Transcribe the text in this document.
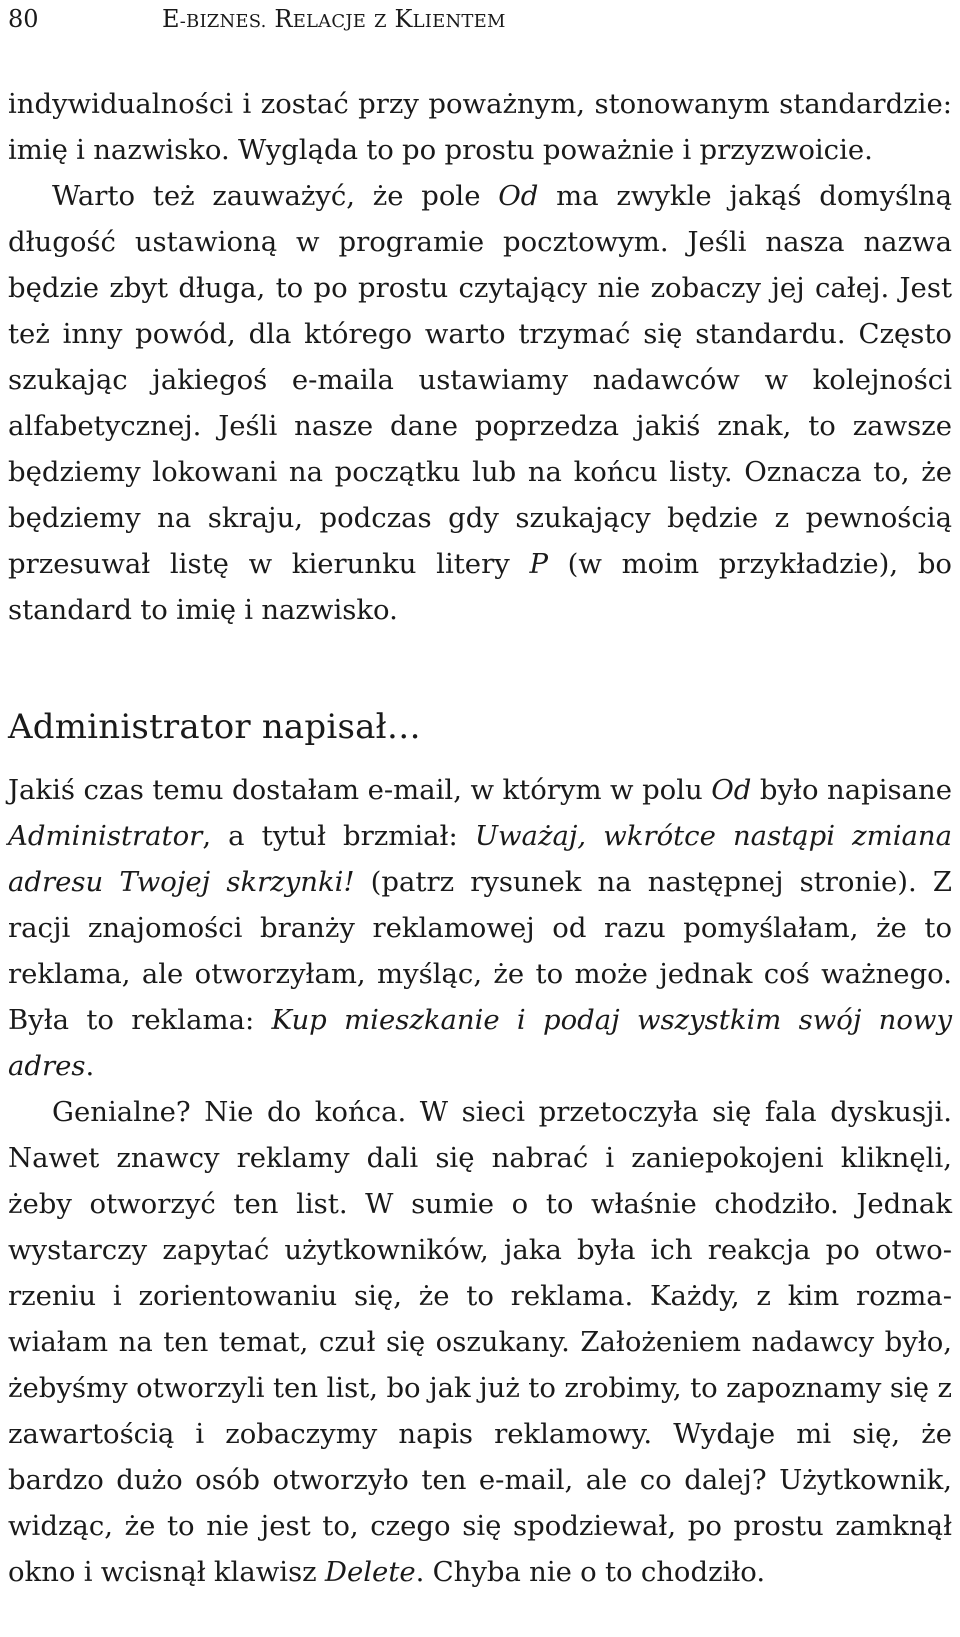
80	E-BIZNES. RELACJE Z KLIENTEM

indywidualności i zostać przy poważnym, stonowanym standardzie: imię i nazwisko. Wygląda to po prostu poważnie i przyzwoicie.

Warto też zauważyć, że pole Od ma zwykle jakąś domyślną długość ustawioną w programie pocztowym. Jeśli nasza nazwa będzie zbyt długa, to po prostu czytający nie zobaczy jej całej. Jest też inny powód, dla którego warto trzymać się standardu. Często szukając jakiegoś e-maila ustawiamy nadawców w kolejności alfabetycznej. Jeśli nasze dane poprzedza jakiś znak, to zawsze będziemy lokowani na początku lub na końcu listy. Oznacza to, że będziemy na skraju, podczas gdy szukający będzie z pewnością przesuwał listę w kierunku litery P (w moim przykładzie), bo standard to imię i nazwisko.

Administrator napisał…

Jakiś czas temu dostałam e-mail, w którym w polu Od było napisane Administrator, a tytuł brzmiał: Uważaj, wkrótce nastąpi zmiana adresu Twojej skrzynki! (patrz rysunek na następnej stronie). Z racji znajomości branży reklamowej od razu pomyślałam, że to reklama, ale otworzyłam, myśląc, że to może jednak coś ważnego. Była to reklama: Kup mieszkanie i podaj wszystkim swój nowy adres.

Genialne? Nie do końca. W sieci przetoczyła się fala dyskusji. Nawet znawcy reklamy dali się nabrać i zaniepokojeni kliknęli, żeby otworzyć ten list. W sumie o to właśnie chodziło. Jednak wystarczy zapytać użytkowników, jaka była ich reakcja po otworzeniu i zorientowaniu się, że to reklama. Każdy, z kim rozmawiałam na ten temat, czuł się oszukany. Założeniem nadawcy było, żebyśmy otworzyli ten list, bo jak już to zrobimy, to zapoznamy się z zawartością i zobaczymy napis reklamowy. Wydaje mi się, że bardzo dużo osób otworzyło ten e-mail, ale co dalej? Użytkownik, widząc, że to nie jest to, czego się spodziewał, po prostu zamknął okno i wcisnął klawisz Delete. Chyba nie o to chodziło.
